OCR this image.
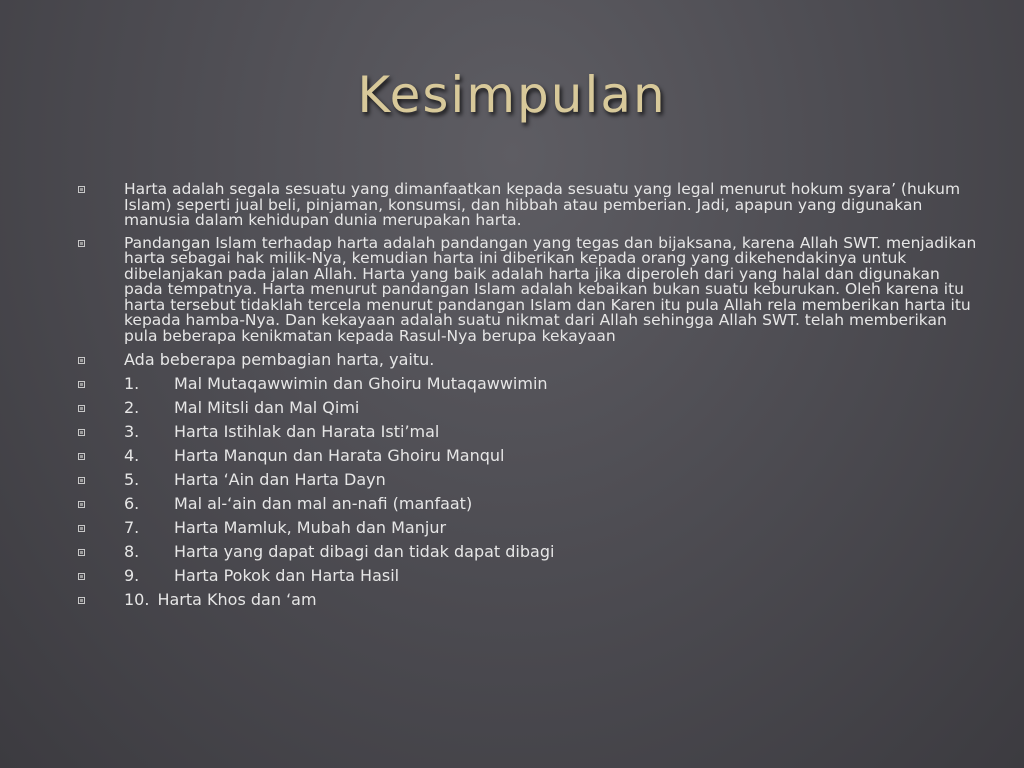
Kesimpulan
Harta adalah segala sesuatu yang dimanfaatkan kepada sesuatu yang legal menurut hokum syara’ (hukum Islam) seperti jual beli, pinjaman, konsumsi, dan hibbah atau pemberian. Jadi, apapun yang digunakan manusia dalam kehidupan dunia merupakan harta.
Pandangan Islam terhadap harta adalah pandangan yang tegas dan bijaksana, karena Allah SWT. menjadikan harta sebagai hak milik-Nya, kemudian harta ini diberikan kepada orang yang dikehendakinya untuk dibelanjakan pada jalan Allah. Harta yang baik adalah harta jika diperoleh dari yang halal dan digunakan pada tempatnya. Harta menurut pandangan Islam adalah kebaikan bukan suatu keburukan. Oleh karena itu harta tersebut tidaklah tercela menurut pandangan Islam dan Karen itu pula Allah rela memberikan harta itu kepada hamba-Nya. Dan kekayaan adalah suatu nikmat dari Allah sehingga Allah SWT. telah memberikan pula beberapa kenikmatan kepada Rasul-Nya berupa kekayaan
Ada beberapa pembagian harta, yaitu.
1. Mal Mutaqawwimin dan Ghoiru Mutaqawwimin
2. Mal Mitsli dan Mal Qimi
3. Harta Istihlak dan Harata Isti’mal
4. Harta Manqun dan Harata Ghoiru Manqul
5. Harta ‘Ain dan Harta Dayn
6. Mal al-‘ain dan mal an-nafi (manfaat)
7. Harta Mamluk, Mubah dan Manjur
8. Harta yang dapat dibagi dan tidak dapat dibagi
9. Harta Pokok dan Harta Hasil
10. Harta Khos dan ‘am
